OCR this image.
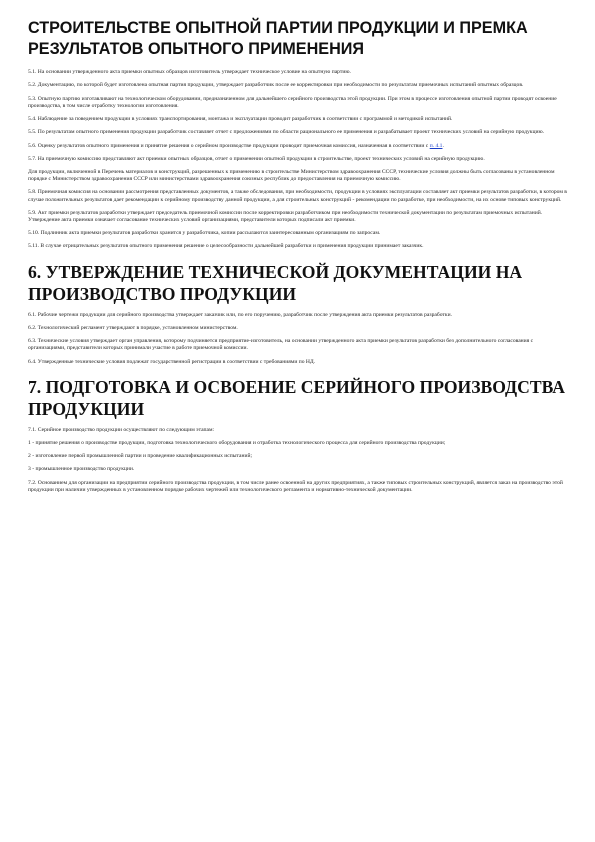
СТРОИТЕЛЬСТВЕ ОПЫТНОЙ ПАРТИИ ПРОДУКЦИИ И ПРЕМКА РЕЗУЛЬТАТОВ ОПЫТНОГО ПРИМЕНЕНИЯ

5.1. На основании утвержденного акта приемки опытных образцов изготовитель утверждает техническое условие на опытную партию.

5.2. Документацию, по которой будет изготовлена опытная партия продукции, утверждает разработчик после ее корректировки при необходимости по результатам приемочных испытаний опытных образцов.

5.3. Опытную партию изготавливают на технологическом оборудовании, предназначенном для дальнейшего серийного производства этой продукции. При этом в процессе изготовления опытной партии проводят освоение производства, в том числе отработку технологии изготовления.

5.4. Наблюдение за поведением продукции в условиях транспортирования, монтажа и эксплуатации проводит разработчик в соответствии с программой и методикой испытаний.

5.5. По результатам опытного применения продукции разработчик составляет отчет с предложениями по области рационального ее применения и разрабатывает проект технических условий на серийную продукцию.

5.6. Оценку результатов опытного применения и принятие решения о серийном производстве продукции проводит приемочная комиссия, назначенная в соответствии с п. 4.1.

5.7. На приемочную комиссию представляют акт приемки опытных образцов, отчет о применении опытной продукции в строительстве, проект технических условий на серийную продукцию.

Для продукции, включенной в Перечень материалов и конструкций, разрешенных к применению в строительстве Министерством здравоохранения СССР, технические условия должны быть согласованы в установленном порядке с Министерством здравоохранения СССР или министерствами здравоохранения союзных республик до предоставления на приемочную комиссию.

5.8. Приемочная комиссия на основании рассмотрения представленных документов, а также обследования, при необходимости, продукции в условиях эксплуатации составляет акт приемки результатов разработки, в котором в случае положительных результатов дает рекомендации к серийному производству данной продукции, а для строительных конструкций - рекомендации по разработке, при необходимости, на их основе типовых конструкций.

5.9. Акт приемки результатов разработки утверждает председатель приемочной комиссии после корректировки разработчиком при необходимости технической документации по результатам приемочных испытаний. Утверждение акта приемки означает согласование технических условий организациями, представители которых подписали акт приемки.

5.10. Подлинник акта приемки результатов разработки хранится у разработчика, копии рассылаются заинтересованным организациям по запросам.

5.11. В случае отрицательных результатов опытного применения решение о целесообразности дальнейшей разработки и применения продукции принимает заказчик.

6. УТВЕРЖДЕНИЕ ТЕХНИЧЕСКОЙ ДОКУМЕНТАЦИИ НА ПРОИЗВОДСТВО ПРОДУКЦИИ

6.1. Рабочие чертежи продукции для серийного производства утверждает заказчик или, по его поручению, разработчик после утверждения акта приемки результатов разработки.

6.2. Технологический регламент утверждают в порядке, установленном министерством.

6.3. Технические условия утверждает орган управления, которому подчиняется предприятие-изготовитель, на основании утвержденного акта приемки результатов разработки без дополнительного согласования с организациями, представители которых принимали участие в работе приемочной комиссии.

6.4. Утвержденные технические условия подлежат государственной регистрации в соответствии с требованиями по НД.

7. ПОДГОТОВКА И ОСВОЕНИЕ СЕРИЙНОГО ПРОИЗВОДСТВА ПРОДУКЦИИ

7.1. Серийное производство продукции осуществляют по следующим этапам:

1 - принятие решения о производстве продукции, подготовка технологического оборудования и отработка технологического процесса для серийного производства продукции;

2 - изготовление первой промышленной партии и проведение квалификационных испытаний;

3 - промышленное производство продукции.

7.2. Основанием для организации на предприятии серийного производства продукции, в том числе ранее освоенной на других предприятиях, а также типовых строительных конструкций, является заказ на производство этой продукции при наличии утвержденных в установленном порядке рабочих чертежей или технологического регламента и нормативно-технической документации.
